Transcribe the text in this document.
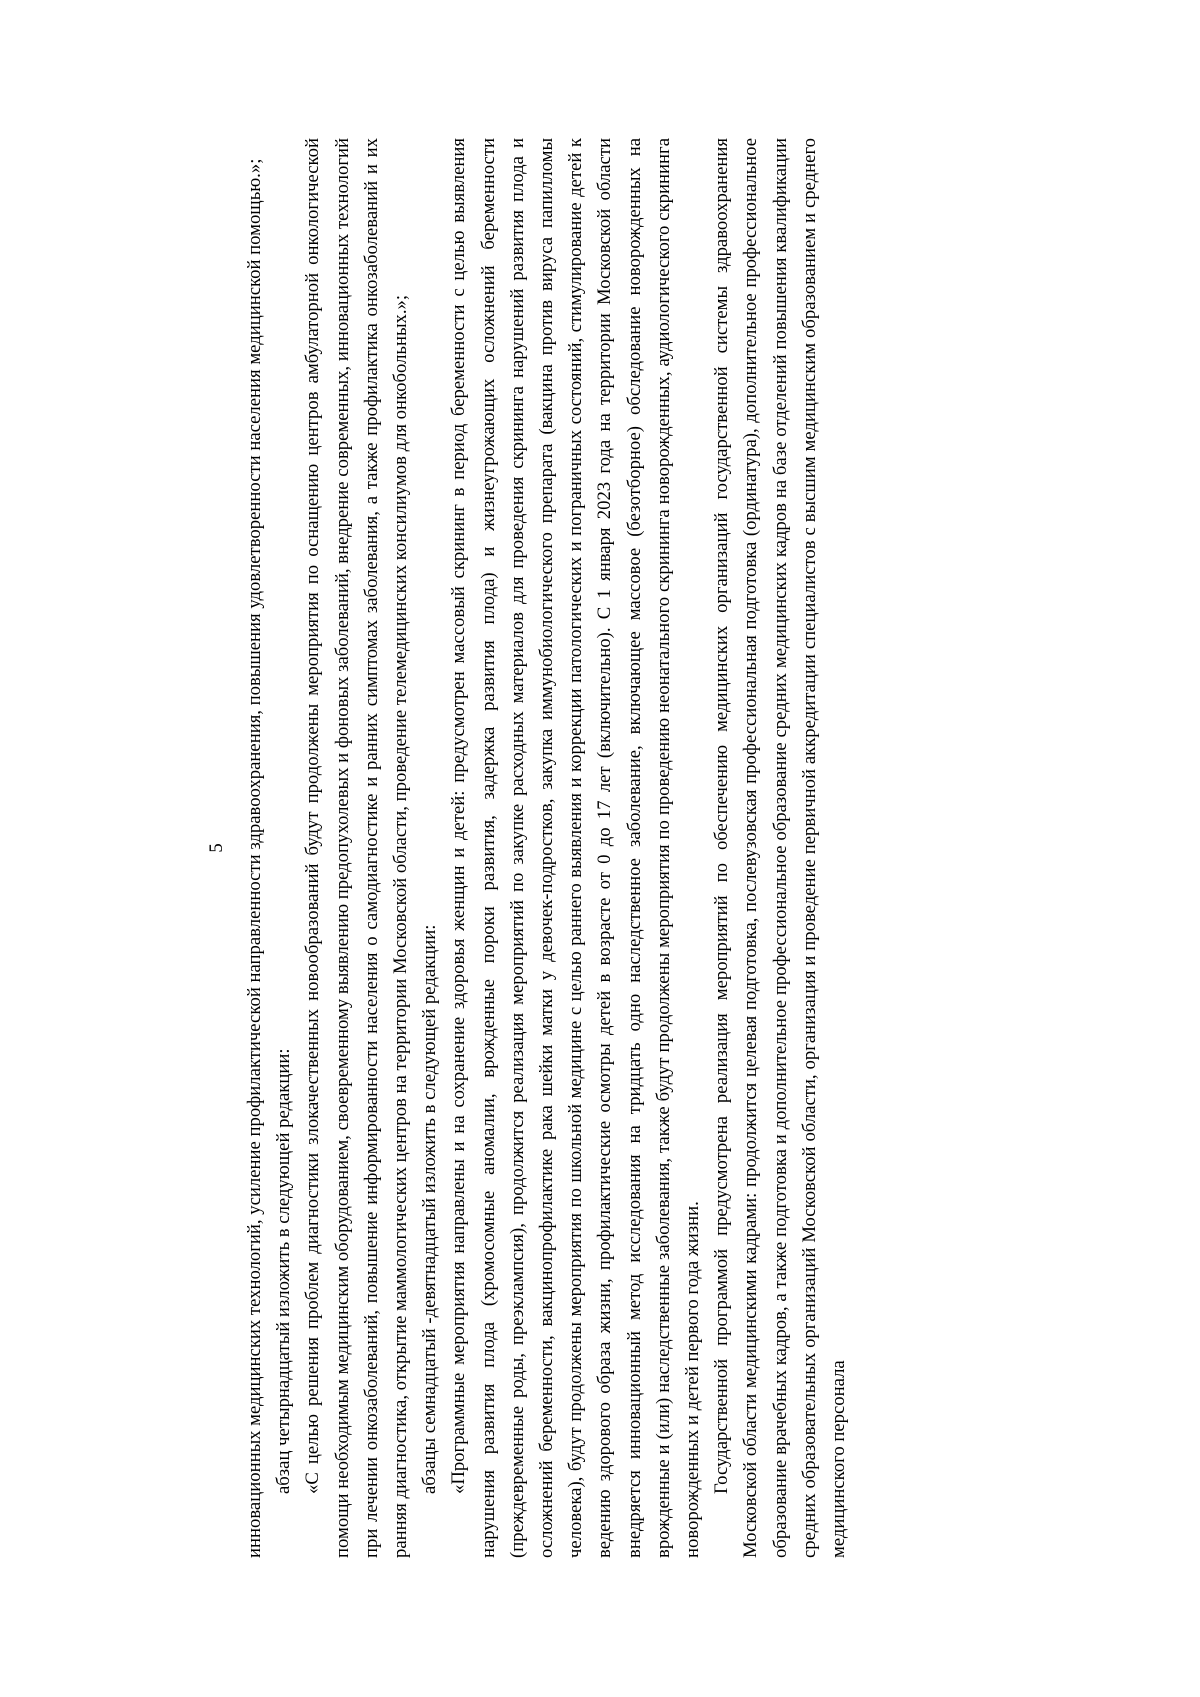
5 инновационных медицинских технологий, усиление профилактической направленности здравоохранения, повышения удовлетворенности населения медицинской помощью.»; абзац четырнадцатый изложить в следующей редакции: «С целью решения проблем диагностики злокачественных новообразований будут продолжены мероприятия по оснащению центров амбулаторной онкологической помощи необходимым медицинским оборудованием, своевременному выявлению предопухолевых и фоновых заболеваний, внедрение современных, инновационных технологий при лечении онкозаболеваний, повышение информированности населения о самодиагностике и ранних симптомах заболевания, а также профилактика онкозаболеваний и их ранняя диагностика, открытие маммологических центров на территории Московской области, проведение телемедицинских консилиумов для онкобольных.»; абзацы семнадцатый -девятнадцатый изложить в следующей редакции: «Программные мероприятия направлены и на сохранение здоровья женщин и детей: предусмотрен массовый скрининг в период беременности с целью выявления нарушения развития плода (хромосомные аномалии, врожденные пороки развития, задержка развития плода) и жизнеугрожающих осложнений беременности (преждевременные роды, преэклампсия), продолжится реализация мероприятий по закупке расходных материалов для проведения скрининга нарушений развития плода и осложнений беременности, вакцинопрофилактике рака шейки матки у девочек-подростков, закупка иммунобиологического препарата (вакцина против вируса папилломы человека), будут продолжены мероприятия по школьной медицине с целью раннего выявления и коррекции патологических и пограничных состояний, стимулирование детей к ведению здорового образа жизни, профилактические осмотры детей в возрасте от 0 до 17 лет (включительно). С 1 января 2023 года на территории Московской области внедряется инновационный метод исследования на тридцать одно наследственное заболевание, включающее массовое (безотборное) обследование новорожденных на врожденные и (или) наследственные заболевания, также будут продолжены мероприятия по проведению неонатального скрининга новорожденных, аудиологического скрининга новорожденных и детей первого года жизни. Государственной программой предусмотрена реализация мероприятий по обеспечению медицинских организаций государственной системы здравоохранения Московской области медицинскими кадрами: продолжится целевая подготовка, послевузовская профессиональная подготовка (ординатура), дополнительное профессиональное образование врачебных кадров, а также подготовка и дополнительное профессиональное образование средних медицинских кадров на базе отделений повышения квалификации средних образовательных организаций Московской области, организация и проведение первичной аккредитации специалистов с высшим медицинским образованием и среднего медицинского персонала
